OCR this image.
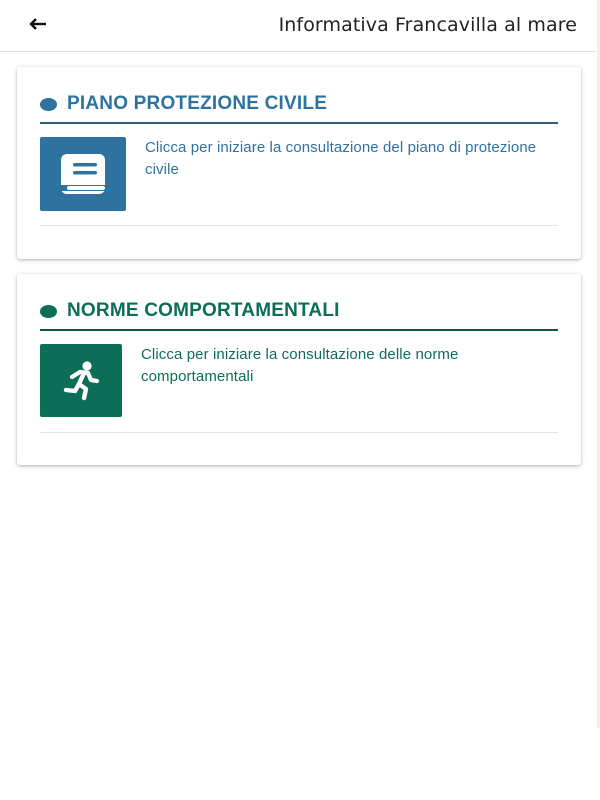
Informativa Francavilla al mare
PIANO PROTEZIONE CIVILE
Clicca per iniziare la consultazione del piano di protezione civile
NORME COMPORTAMENTALI
Clicca per iniziare la consultazione delle norme comportamentali
